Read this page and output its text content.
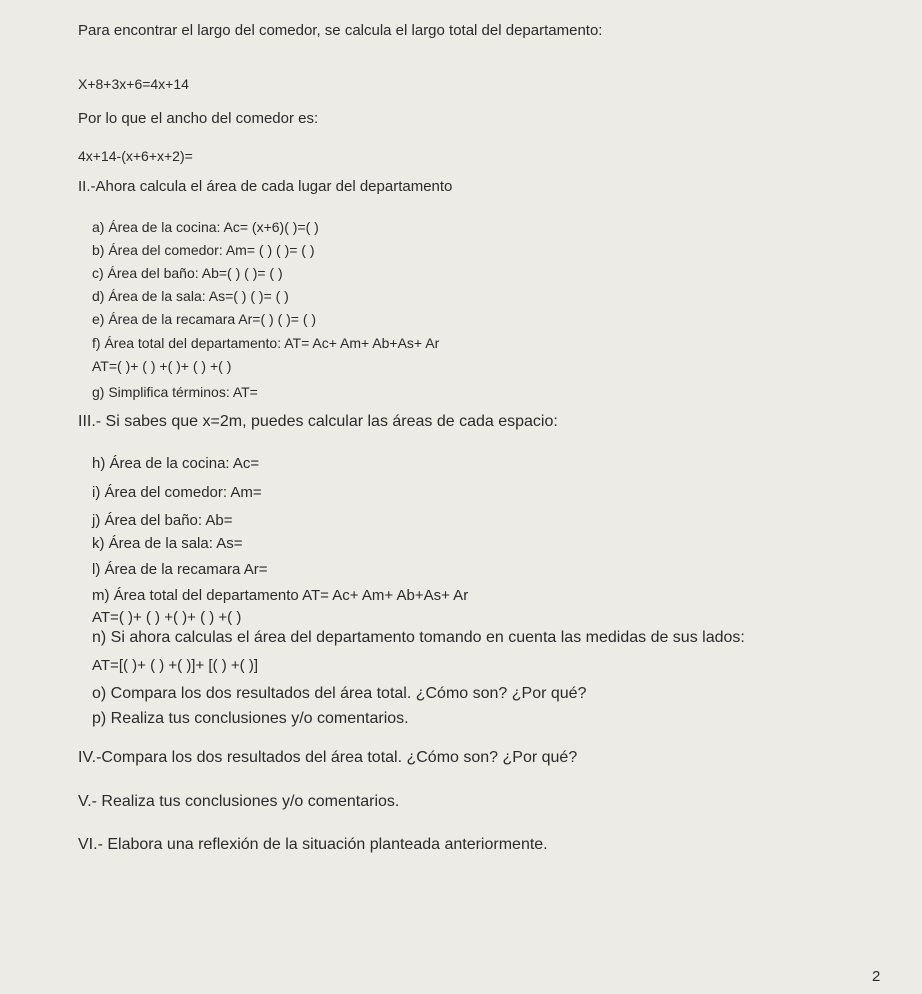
Para encontrar el largo del comedor, se calcula el largo total del departamento:
X+8+3x+6=4x+14
Por lo que el ancho del comedor es:
4x+14-(x+6+x+2)=
II.-Ahora calcula el área de cada lugar del departamento
a) Área de la cocina: Ac= (x+6)( )=( )
b) Área del comedor: Am= ( ) ( )= ( )
c) Área del baño: Ab=( ) ( )= ( )
d) Área de la sala: As=( ) ( )= ( )
e) Área de la recamara Ar=( ) ( )= ( )
f) Área total del departamento: AT= Ac+ Am+ Ab+As+ Ar
AT=( )+ ( ) +( )+ ( ) +( )
g) Simplifica términos: AT=
III.- Si sabes que x=2m, puedes calcular las áreas de cada espacio:
h) Área de la cocina: Ac=
i) Área del comedor: Am=
j) Área del baño: Ab=
k) Área de la sala: As=
l) Área de la recamara Ar=
m) Área total del departamento AT= Ac+ Am+ Ab+As+ Ar
AT=( )+ ( ) +( )+ ( ) +( )
n) Si ahora calculas el área del departamento tomando en cuenta las medidas de sus lados:
AT=[( )+ ( ) +( )]+ [( ) +( )]
o) Compara los dos resultados del área total. ¿Cómo son? ¿Por qué?
p) Realiza tus conclusiones y/o comentarios.
IV.-Compara los dos resultados del área total. ¿Cómo son? ¿Por qué?
V.- Realiza tus conclusiones y/o comentarios.
VI.- Elabora una reflexión de la situación planteada anteriormente.
2
